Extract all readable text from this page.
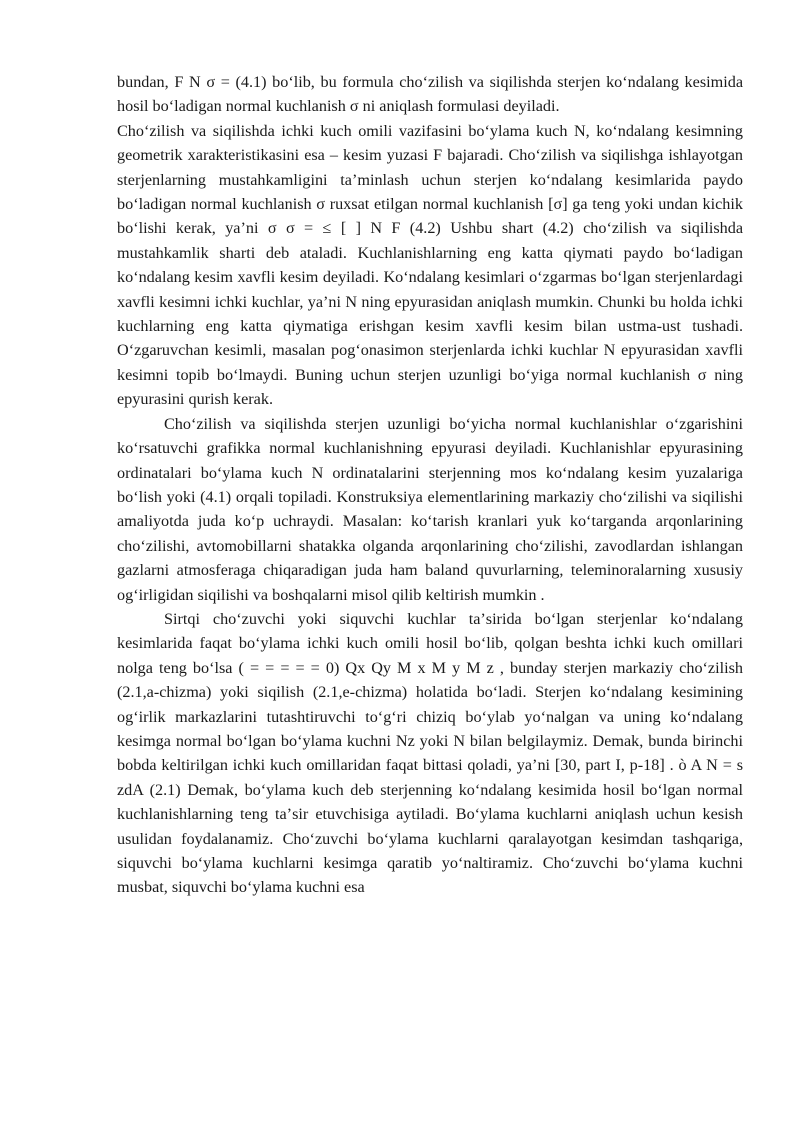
bundan, F N σ = (4.1) boʻlib, bu formula choʻzilish va siqilishda sterjen koʻndalang kesimida hosil boʻladigan normal kuchlanish σ ni aniqlash formulasi deyiladi.

Choʻzilish va siqilishda ichki kuch omili vazifasini boʻylama kuch N, koʻndalang kesimning geometrik xarakteristikasini esa – kesim yuzasi F bajaradi. Choʻzilish va siqilishga ishlayotgan sterjenlarning mustahkamligini taʼminlash uchun sterjen koʻndalang kesimlarida paydo boʻladigan normal kuchlanish σ ruxsat etilgan normal kuchlanish [σ] ga teng yoki undan kichik boʻlishi kerak, yaʼni σ σ = ≤ [ ] N F (4.2) Ushbu shart (4.2) choʻzilish va siqilishda mustahkamlik sharti deb ataladi. Kuchlanishlarning eng katta qiymati paydo boʻladigan koʻndalang kesim xavfli kesim deyiladi. Koʻndalang kesimlari oʻzgarmas boʻlgan sterjenlardagi xavfli kesimni ichki kuchlar, yaʼni N ning epyurasidan aniqlash mumkin. Chunki bu holda ichki kuchlarning eng katta qiymatiga erishgan kesim xavfli kesim bilan ustma-ust tushadi. Oʻzgaruvchan kesimli, masalan pogʻonasimon sterjenlarda ichki kuchlar N epyurasidan xavfli kesimni topib boʻlmaydi. Buning uchun sterjen uzunligi boʻyiga normal kuchlanish σ ning epyurasini qurish kerak.

Choʻzilish va siqilishda sterjen uzunligi boʻyicha normal kuchlanishlar oʻzgarishini koʻrsatuvchi grafikka normal kuchlanishning epyurasi deyiladi. Kuchlanishlar epyurasining ordinatalari boʻylama kuch N ordinatalarini sterjenning mos koʻndalang kesim yuzalariga boʻlish yoki (4.1) orqali topiladi. Konstruksiya elementlarining markaziy choʻzilishi va siqilishi amaliyotda juda koʻp uchraydi. Masalan: koʻtarish kranlari yuk koʻtarganda arqonlarining choʻzilishi, avtomobillarni shatakka olganda arqonlarining choʻzilishi, zavodlardan ishlangan gazlarni atmosferaga chiqaradigan juda ham baland quvurlarning, teleminoralarning xususiy ogʻirligidan siqilishi va boshqalarni misol qilib keltirish mumkin .

Sirtqi choʻzuvchi yoki siquvchi kuchlar taʼsirida boʻlgan sterjenlar koʻndalang kesimlarida faqat boʻylama ichki kuch omili hosil boʻlib, qolgan beshta ichki kuch omillari nolga teng boʻlsa ( = = = = = 0) Qx Qy M x M y M z , bunday sterjen markaziy choʻzilish (2.1,a-chizma) yoki siqilish (2.1,e-chizma) holatida boʻladi. Sterjen koʻndalang kesimining ogʻirlik markazlarini tutashtiruvchi toʻgʻri chiziq boʻylab yoʻnalgan va uning koʻndalang kesimga normal boʻlgan boʻylama kuchni Nz yoki N bilan belgilaymiz. Demak, bunda birinchi bobda keltirilgan ichki kuch omillaridan faqat bittasi qoladi, yaʼni [30, part I, p-18] . ò A N = s zdA (2.1) Demak, boʻylama kuch deb sterjenning koʻndalang kesimida hosil boʻlgan normal kuchlanishlarning teng taʼsir etuvchisiga aytiladi. Boʻylama kuchlarni aniqlash uchun kesish usulidan foydalanamiz. Choʻzuvchi boʻylama kuchlarni qaralayotgan kesimdan tashqariga, siquvchi boʻylama kuchlarni kesimga qaratib yoʻnaltiramiz. Choʻzuvchi boʻylama kuchni musbat, siquvchi boʻylama kuchni esa
